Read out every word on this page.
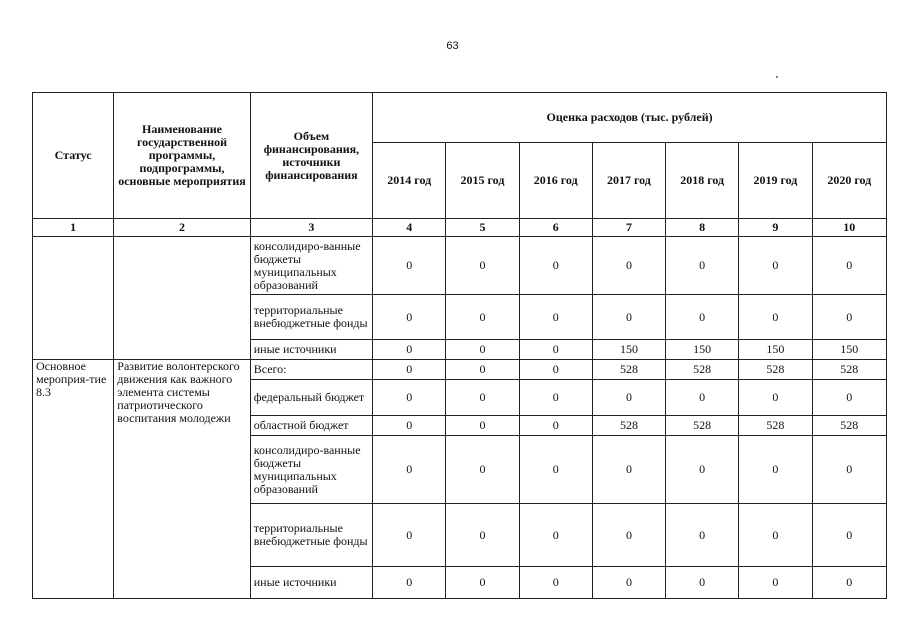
63
Статус	Наименование государственной программы, подпрограммы, основные мероприятия	Объем финансирования, источники финансирования	Оценка расходов (тыс. рублей)						
			2014 год	2015 год	2016 год	2017 год	2018 год	2019 год	2020 год
1	2	3	4	5	6	7	8	9	10
		консолидиро-ванные бюджеты муниципальных образований	0	0	0	0	0	0	0
		территориальные внебюджетные фонды	0	0	0	0	0	0	0
		иные источники	0	0	0	150	150	150	150
Основное мероприя-тие 8.3	Развитие волонтерского движения как важного элемента системы патриотического воспитания молодежи	Всего:	0	0	0	528	528	528	528
		федеральный бюджет	0	0	0	0	0	0	0
		областной бюджет	0	0	0	528	528	528	528
		консолидиро-ванные бюджеты муниципальных образований	0	0	0	0	0	0	0
		территориальные внебюджетные фонды	0	0	0	0	0	0	0
		иные источники	0	0	0	0	0	0	0
